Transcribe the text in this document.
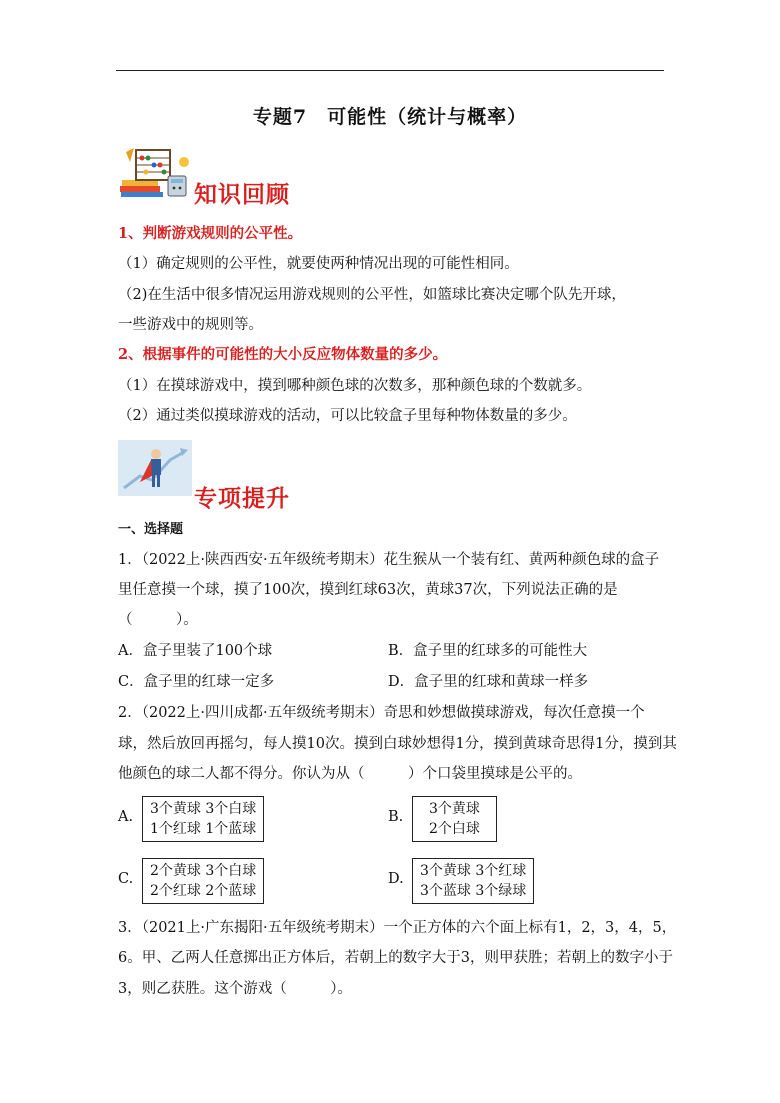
专题7　可能性（统计与概率）
知识回顾
1、判断游戏规则的公平性。
（1）确定规则的公平性，就要使两种情况出现的可能性相同。
（2)在生活中很多情况运用游戏规则的公平性，如篮球比赛决定哪个队先开球，
一些游戏中的规则等。
2、根据事件的可能性的大小反应物体数量的多少。
（1）在摸球游戏中，摸到哪种颜色球的次数多，那种颜色球的个数就多。
（2）通过类似摸球游戏的活动，可以比较盒子里每种物体数量的多少。
专项提升
一、选择题
1．（2022上·陕西西安·五年级统考期末）花生猴从一个装有红、黄两种颜色球的盒子
里任意摸一个球，摸了100次，摸到红球63次，黄球37次，下列说法正确的是
（　　　）。
A．盒子里装了100个球	B．盒子里的红球多的可能性大
C．盒子里的红球一定多	D．盒子里的红球和黄球一样多
2．（2022上·四川成都·五年级统考期末）奇思和妙想做摸球游戏，每次任意摸一个
球，然后放回再摇匀，每人摸10次。摸到白球妙想得1分，摸到黄球奇思得1分，摸到其
他颜色的球二人都不得分。你认为从（　　　）个口袋里摸球是公平的。
A. 3个黄球 3个白球
1个红球 1个蓝球
B. 3个黄球
2个白球
C. 2个黄球 3个白球
2个红球 2个蓝球
D. 3个黄球 3个红球
3个蓝球 3个绿球
3．（2021上·广东揭阳·五年级统考期末）一个正方体的六个面上标有1，2，3，4，5，
6。甲、乙两人任意掷出正方体后，若朝上的数字大于3，则甲获胜；若朝上的数字小于
3，则乙获胜。这个游戏（　　　）。
